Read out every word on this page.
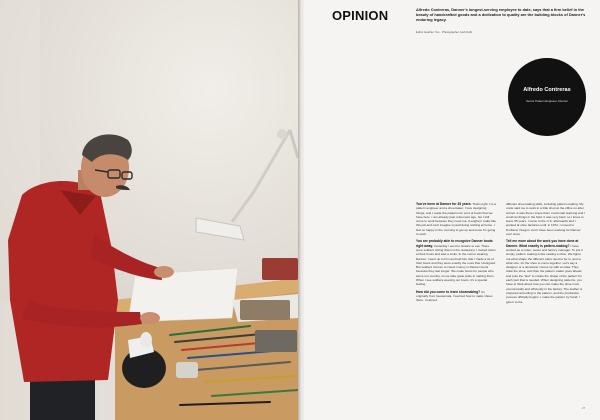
OPINION	Alfredo Contreras, Danner's longest-serving employee to date, says that a firm belief in the beauty of handcrafted goods and a dedication to quality are the building blocks of Danner's enduring legacy.
Editor Heather Yeo · Photographer Josh Kahl
Alfredo Contreras
Senior Pattern Engineer, Danner

You've been at Danner for 45 years. That's right. I'm a pattern engineer and a shoemaker. I love designing things, and I made the patterns for a lot of boots that we have here. I am already past retirement age, but I still come to work because they need me. (Laughs) I really like this job and can't imagine myself doing nothing at home. I feel so happy in the morning to get up and know I'm going to work.

You are probably able to recognize Danner boots right away. Yesterday I went to Gratice to eat. There were soldiers sitting down in the restaurant. I looked down at their boots and saw a smile: In the corner wearing Danner. I went up to him and told him that I made a lot of their boots and they were exactly the ones that I designed. But soldiers choose to invest money in Danner boots because they last longer. We make boots for people who serve our country, so we take great pride in making them. When I see soldiers wearing our boots, it's a special feeling.

How did you come to learn shoemaking? I'm originally from Guatemala. I learned how to make shoes there. I learned

different shoemaking skills, including pattern-making. My uncle said me to work in a little shop at the office on after school. It was there I knew that I could start learning and I could do things in the field. It was very hard, so I knew to leave 55 years. I came to the U.S. afterwards and I worked at shoe factories until, in 1972, I moved to Portland, Oregon. And I have been working for Danner ever since.

Tell me more about the work you have done at Danner. What exactly is pattern-making? I have worked as a cutter, sewer and factory manager. To put it simply, pattern making is like casting a shoe. We figure out what shape the different parts need to be in, and to what size, for the shoe to come together. Let's say a designer or a developer comes up with an idea. They draw the shoe, and then the pattern maker goes ahead and puts the "last" to create the shape of the pattern for each part that is needed. When designing patterns, you have to think about how you can make the shoe most economically and efficiently in the factory. The leather is prepared according to the pattern, and the production process officially begins. I make the pattern by hand; I give it to the

27
